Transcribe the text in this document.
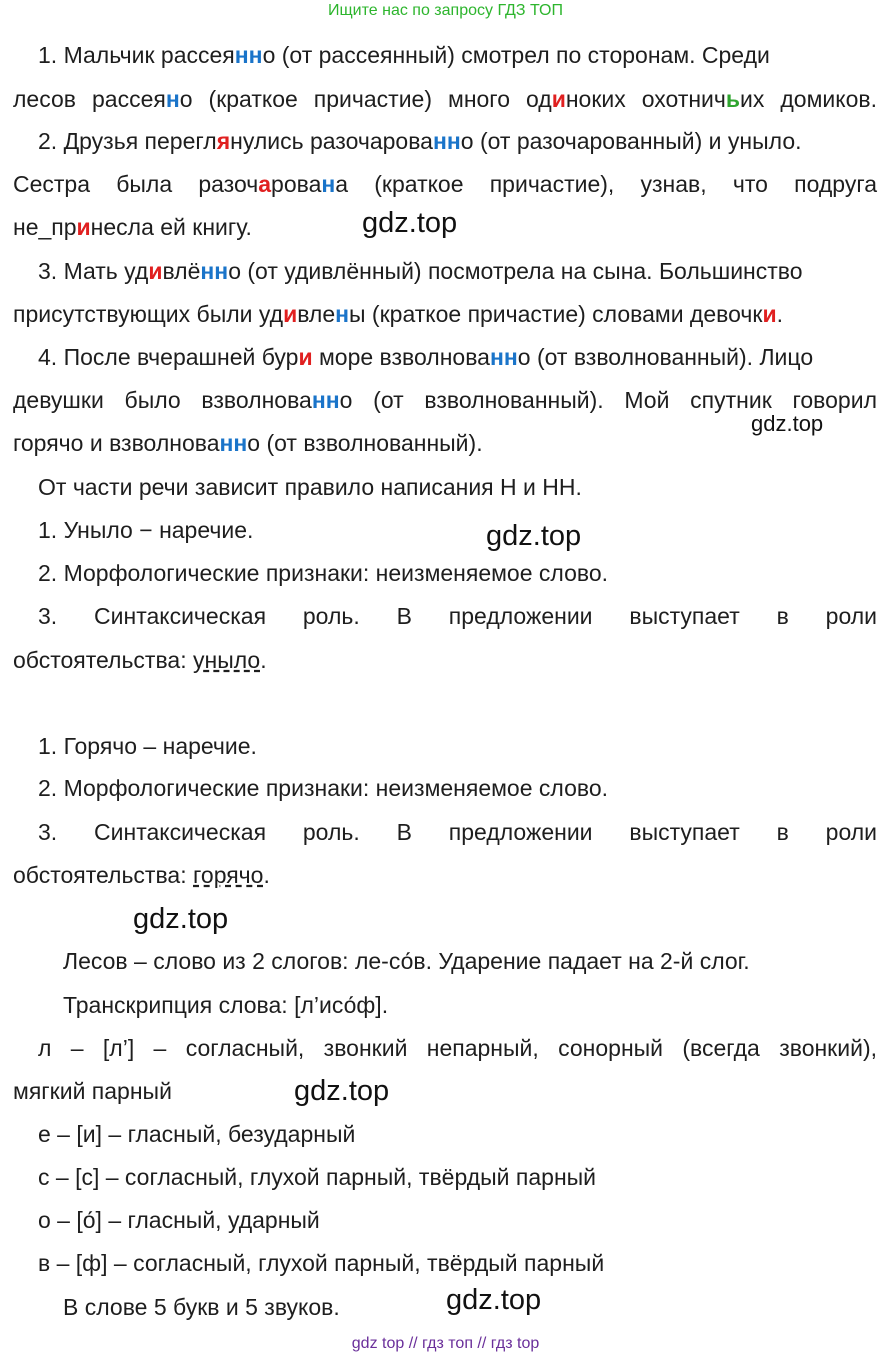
Ищите нас по запросу ГДЗ ТОП
1. Мальчик рассеянно (от рассеянный) смотрел по сторонам. Среди
лесов рассеяно (краткое причастие) много одиноких охотничьих домиков.
2. Друзья переглянулись разочарованно (от разочарованный) и уныло.
Сестра была разочарована (краткое причастие), узнав, что подруга
не_принесла ей книгу.
3. Мать удивлённо (от удивлённый) посмотрела на сына. Большинство
присутствующих были удивлены (краткое причастие) словами девочки.
4. После вчерашней бури море взволнованно (от взволнованный). Лицо
девушки было взволнованно (от взволнованный). Мой спутник говорил
горячо и взволнованно (от взволнованный).
От части речи зависит правило написания Н и НН.
1. Уныло − наречие.
2. Морфологические признаки: неизменяемое слово.
3. Синтаксическая роль. В предложении выступает в роли
обстоятельства: уныло.
1. Горячо – наречие.
2. Морфологические признаки: неизменяемое слово.
3. Синтаксическая роль. В предложении выступает в роли
обстоятельства: горячо.
Лесов – слово из 2 слогов: ле-со́в. Ударение падает на 2-й слог.
Транскрипция слова: [л’исо́ф].
л – [л’] – согласный, звонкий непарный, сонорный (всегда звонкий),
мягкий парный
е – [и] – гласный, безударный
с – [с] – согласный, глухой парный, твёрдый парный
о – [о́] – гласный, ударный
в – [ф] – согласный, глухой парный, твёрдый парный
В слове 5 букв и 5 звуков.
gdz.top
gdz.top
gdz.top
gdz.top
gdz.top
gdz.top
gdz top // гдз топ // гдз top
